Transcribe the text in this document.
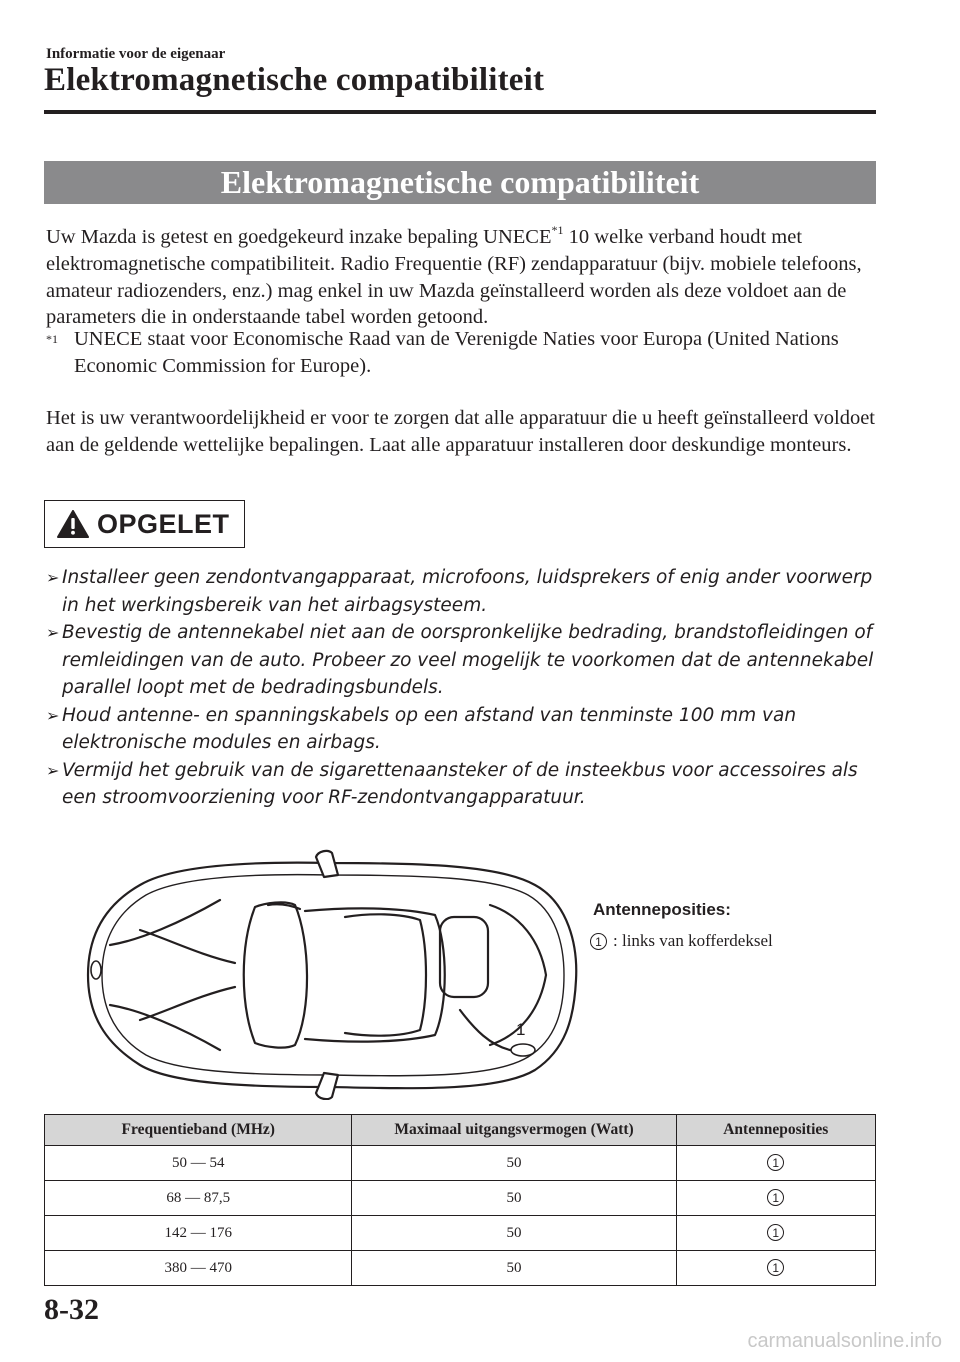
Informatie voor de eigenaar
Elektromagnetische compatibiliteit
Elektromagnetische compatibiliteit

Uw Mazda is getest en goedgekeurd inzake bepaling UNECE$^{*1}$ 10 welke verband houdt met elektromagnetische compatibiliteit. Radio Frequentie (RF) zendapparatuur (bijv. mobiele telefoons, amateur radiozenders, enz.) mag enkel in uw Mazda geïnstalleerd worden als deze voldoet aan de parameters die in onderstaande tabel worden getoond.

$^{*1}$ UNECE staat voor Economische Raad van de Verenigde Naties voor Europa (United Nations Economic Commission for Europe).

Het is uw verantwoordelijkheid er voor te zorgen dat alle apparatuur die u heeft geïnstalleerd voldoet aan de geldende wettelijke bepalingen. Laat alle apparatuur installeren door deskundige monteurs.

OPGELET
➢ Installeer geen zendontvangapparaat, microfoons, luidsprekers of enig ander voorwerp in het werkingsbereik van het airbagsysteem.
➢ Bevestig de antennekabel niet aan de oorspronkelijke bedrading, brandstofleidingen of remleidingen van de auto. Probeer zo veel mogelijk te voorkomen dat de antennekabel parallel loopt met de bedradingsbundels.
➢ Houd antenne- en spanningskabels op een afstand van tenminste 100 mm van elektronische modules en airbags.
➢ Vermijd het gebruik van de sigarettenaansteker of de insteekbus voor accessoires als een stroomvoorziening voor RF-zendontvangapparatuur.
1
Antenneposities:
1 : links van kofferdeksel
Frequentieband (MHz)	Maximaal uitgangsvermogen (Watt)	Antenneposities
50 — 54	50	1
68 — 87,5	50	1
142 — 176	50	1
380 — 470	50	1
8-32
carmanualsonline.info
